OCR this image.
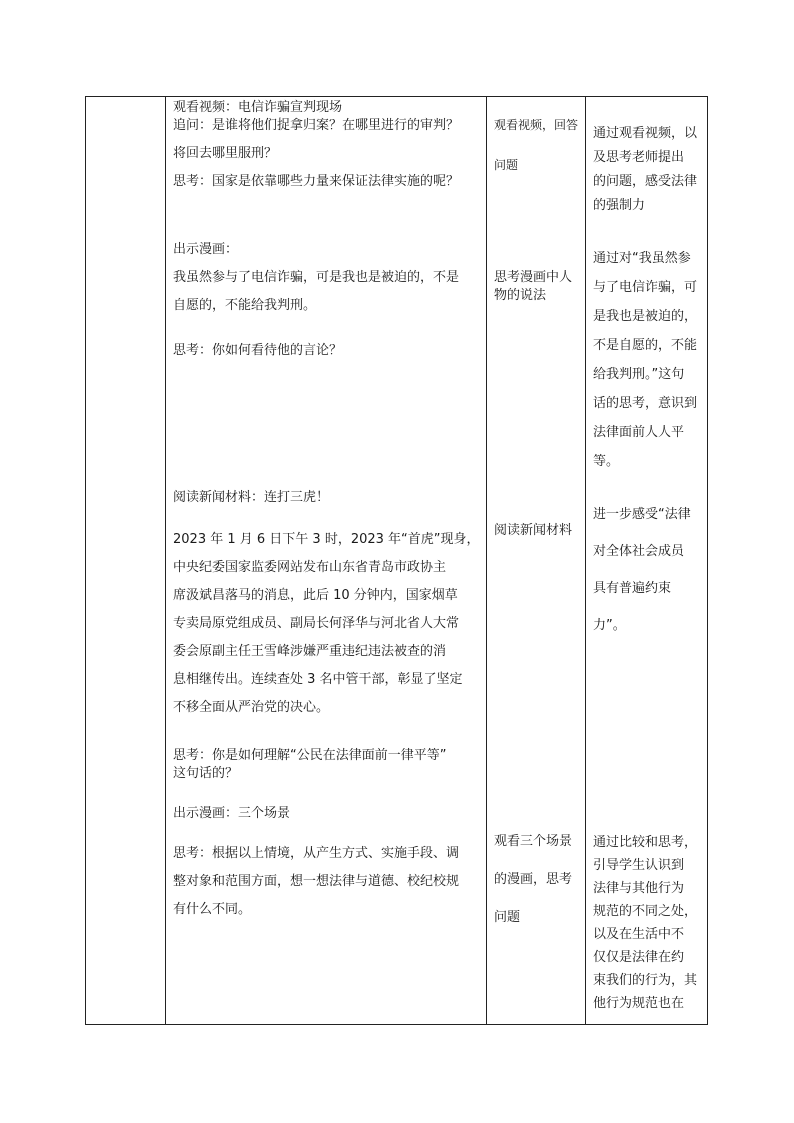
观看视频：电信诈骗宣判现场
追问：是谁将他们捉拿归案？在哪里进行的审判？
将回去哪里服刑？
思考：国家是依靠哪些力量来保证法律实施的呢？
出示漫画：
我虽然参与了电信诈骗，可是我也是被迫的，不是
自愿的，不能给我判刑。
思考：你如何看待他的言论？
阅读新闻材料：连打三虎！
2023 年 1 月 6 日下午 3 时，2023 年“首虎”现身，
中央纪委国家监委网站发布山东省青岛市政协主
席汲斌昌落马的消息，此后 10 分钟内，国家烟草
专卖局原党组成员、副局长何泽华与河北省人大常
委会原副主任王雪峰涉嫌严重违纪违法被查的消
息相继传出。连续查处 3 名中管干部，彰显了坚定
不移全面从严治党的决心。
思考：你是如何理解“公民在法律面前一律平等”
这句话的？
出示漫画：三个场景
思考：根据以上情境，从产生方式、实施手段、调
整对象和范围方面，想一想法律与道德、校纪校规
有什么不同。
观看视频，回答
问题
思考漫画中人
物的说法
阅读新闻材料
观看三个场景
的漫画，思考
问题
通过观看视频，以
及思考老师提出
的问题，感受法律
的强制力
通过对“我虽然参
与了电信诈骗，可
是我也是被迫的，
不是自愿的，不能
给我判刑。”这句
话的思考，意识到
法律面前人人平
等。
进一步感受“法律
对全体社会成员
具有普遍约束
力”。
通过比较和思考，
引导学生认识到
法律与其他行为
规范的不同之处，
以及在生活中不
仅仅是法律在约
束我们的行为，其
他行为规范也在
